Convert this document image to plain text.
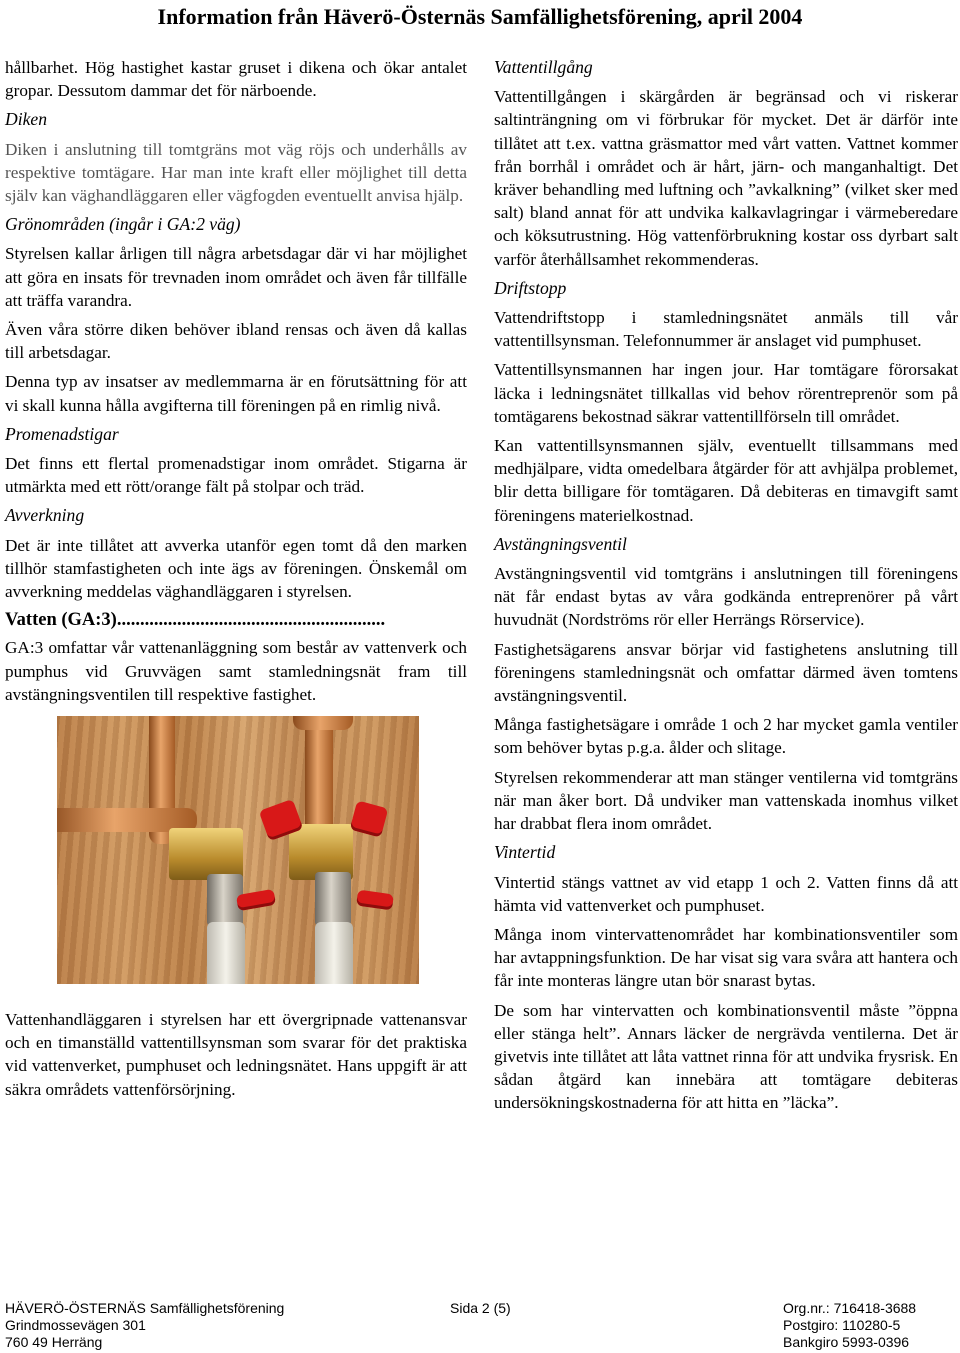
Information från Häverö-Östernäs Samfällighetsförening, april 2004

hållbarhet. Hög hastighet kastar gruset i dikena och ökar antalet gropar. Dessutom dammar det för närboende.

Diken

Diken i anslutning till tomtgräns mot väg röjs och underhålls av respektive tomtägare. Har man inte kraft eller möjlighet till detta själv kan väghandläggaren eller vägfogden eventuellt anvisa hjälp.

Grönområden (ingår i GA:2 väg)

Styrelsen kallar årligen till några arbetsdagar där vi har möjlighet att göra en insats för trevnaden inom området och även får tillfälle att träffa varandra.

Även våra större diken behöver ibland rensas och även då kallas till arbetsdagar.

Denna typ av insatser av medlemmarna är en förutsättning för att vi skall kunna hålla avgifterna till föreningen på en rimlig nivå.

Promenadstigar

Det finns ett flertal promenadstigar inom området. Stigarna är utmärkta med ett rött/orange fält på stolpar och träd.

Avverkning

Det är inte tillåtet att avverka utanför egen tomt då den marken tillhör stamfastigheten och inte ägs av föreningen. Önskemål om avverkning meddelas väghandläggaren i styrelsen.

Vatten (GA:3)..........................................................

GA:3 omfattar vår vattenanläggning som består av vattenverk och pumphus vid Gruvvägen samt stamledningsnät fram till avstängningsventilen till respektive fastighet.

Vattenhandläggaren i styrelsen har ett övergripnade vattenansvar och en timanställd vattentillsynsman som svarar för det praktiska vid vattenverket, pumphuset och ledningsnätet. Hans uppgift är att säkra områdets vattenförsörjning.

Vattentillgång

Vattentillgången i skärgården är begränsad och vi riskerar saltinträngning om vi förbrukar för mycket. Det är därför inte tillåtet att t.ex. vattna gräsmattor med vårt vatten. Vattnet kommer från borrhål i området och är hårt, järn- och manganhaltigt. Det kräver behandling med luftning och ”avkalkning” (vilket sker med salt) bland annat för att undvika kalkavlagringar i värmeberedare och köksutrustning. Hög vattenförbrukning kostar oss dyrbart salt varför återhållsamhet rekommenderas.

Driftstopp

Vattendriftstopp i stamledningsnätet anmäls till vår vattentillsynsman. Telefonnummer är anslaget vid pumphuset.

Vattentillsynsmannen har ingen jour. Har tomtägare förorsakat läcka i ledningsnätet tillkallas vid behov rörentreprenör som på tomtägarens bekostnad säkrar vattentillförseln till området.

Kan vattentillsynsmannen själv, eventuellt tillsammans med medhjälpare, vidta omedelbara åtgärder för att avhjälpa problemet, blir detta billigare för tomtägaren. Då debiteras en timavgift samt föreningens materielkostnad.

Avstängningsventil

Avstängningsventil vid tomtgräns i anslutningen till föreningens nät får endast bytas av våra godkända entreprenörer på vårt huvudnät (Nordströms rör eller Herrängs Rörservice).

Fastighetsägarens ansvar börjar vid fastighetens anslutning till föreningens stamledningsnät och omfattar därmed även tomtens avstängningsventil.

Många fastighetsägare i område 1 och 2 har mycket gamla ventiler som behöver bytas p.g.a. ålder och slitage.

Styrelsen rekommenderar att man stänger ventilerna vid tomtgräns när man åker bort. Då undviker man vattenskada inomhus vilket har drabbat flera inom området.

Vintertid

Vintertid stängs vattnet av vid etapp 1 och 2. Vatten finns då att hämta vid vattenverket och pumphuset.

Många inom vintervattenområdet har kombinationsventiler som har avtappningsfunktion. De har visat sig vara svåra att hantera och får inte monteras längre utan bör snarast bytas.

De som har vintervatten och kombinationsventil måste ”öppna eller stänga helt”. Annars läcker de nergrävda ventilerna. Det är givetvis inte tillåtet att låta vattnet rinna för att undvika frysrisk. En sådan åtgärd kan innebära att tomtägare debiteras undersökningskostnaderna för att hitta en ”läcka”.

HÄVERÖ-ÖSTERNÄS Samfällighetsförening	Sida 2 (5)	Org.nr.: 716418-3688
Grindmossevägen 301	Postgiro: 110280-5
760 49 Herräng	Bankgiro 5993-0396
